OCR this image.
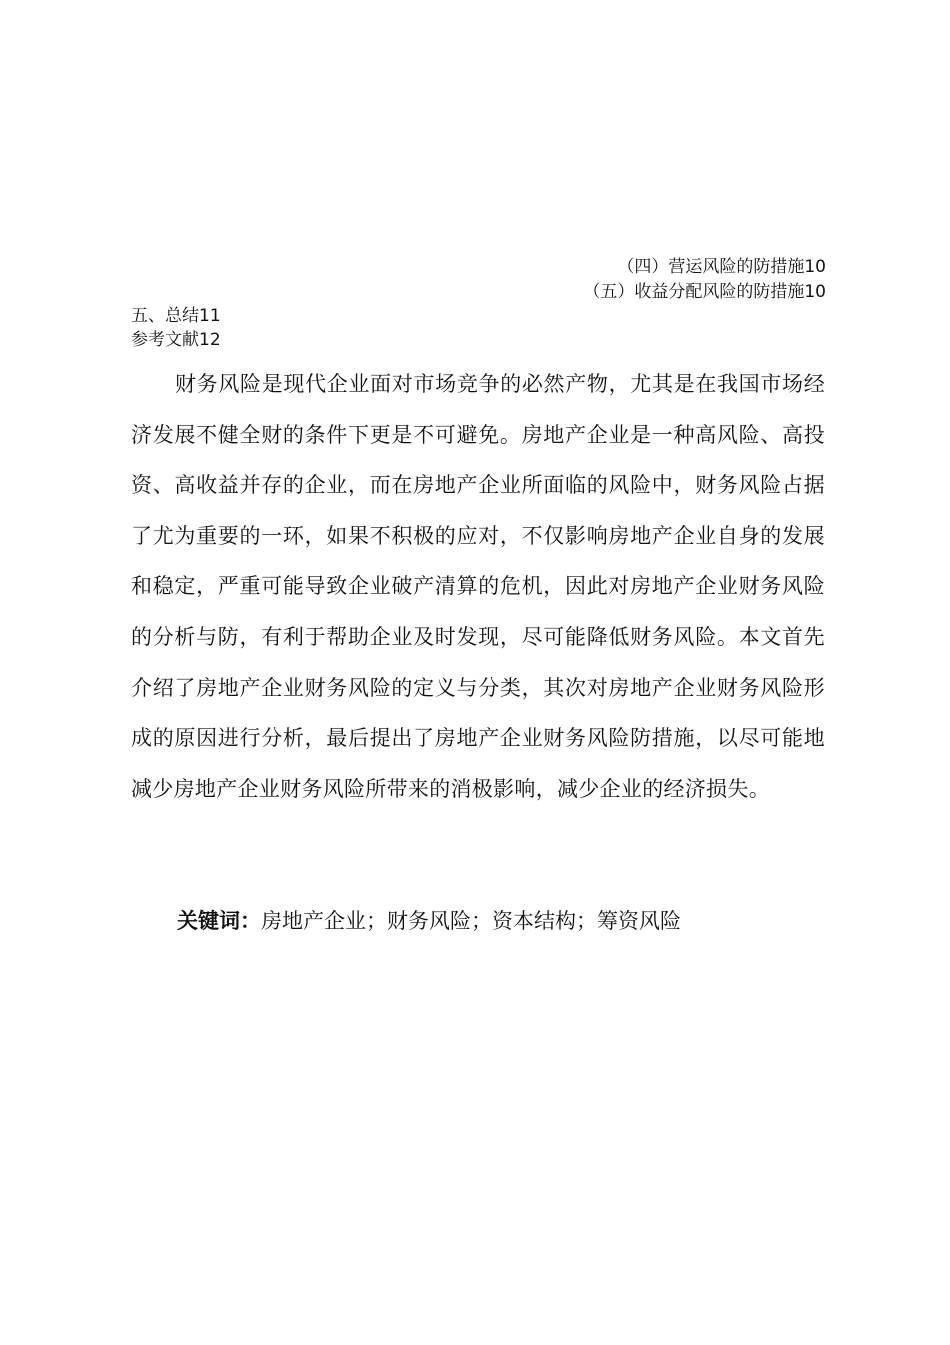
（四）营运风险的防措施10
（五）收益分配风险的防措施10
五、总结11
参考文献12

财务风险是现代企业面对市场竞争的必然产物，尤其是在我国市场经济发展不健全财的条件下更是不可避免。房地产企业是一种高风险、高投资、高收益并存的企业，而在房地产企业所面临的风险中，财务风险占据了尤为重要的一环，如果不积极的应对，不仅影响房地产企业自身的发展和稳定，严重可能导致企业破产清算的危机，因此对房地产企业财务风险的分析与防，有利于帮助企业及时发现，尽可能降低财务风险。本文首先介绍了房地产企业财务风险的定义与分类，其次对房地产企业财务风险形成的原因进行分析，最后提出了房地产企业财务风险防措施，以尽可能地减少房地产企业财务风险所带来的消极影响，减少企业的经济损失。

关键词：房地产企业；财务风险；资本结构；筹资风险
